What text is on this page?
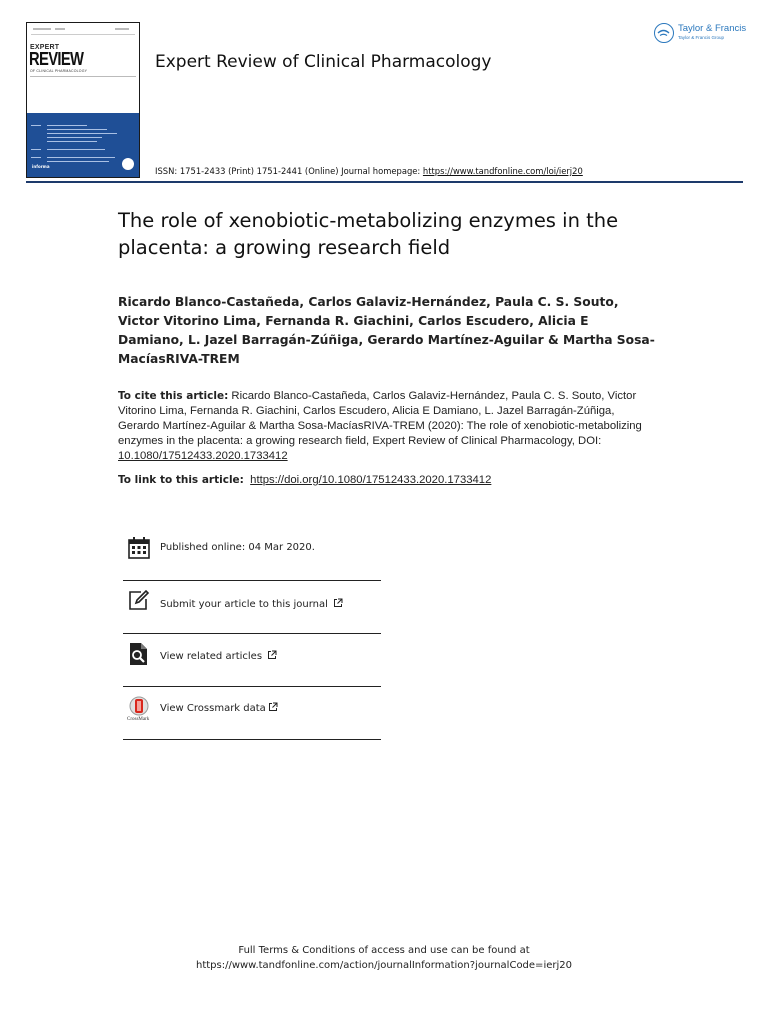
EXPERT
REVIEW
OF CLINICAL PHARMACOLOGY
informa
Expert Review of Clinical Pharmacology
Taylor & Francis
Taylor & Francis Group
ISSN: 1751-2433 (Print) 1751-2441 (Online) Journal homepage: https://www.tandfonline.com/loi/ierj20
The role of xenobiotic-metabolizing enzymes in the placenta: a growing research field
Ricardo Blanco-Castañeda, Carlos Galaviz-Hernández, Paula C. S. Souto, Victor Vitorino Lima, Fernanda R. Giachini, Carlos Escudero, Alicia E Damiano, L. Jazel Barragán-Zúñiga, Gerardo Martínez-Aguilar & Martha Sosa-MacíasRIVA-TREM
To cite this article: Ricardo Blanco-Castañeda, Carlos Galaviz-Hernández, Paula C. S. Souto, Victor Vitorino Lima, Fernanda R. Giachini, Carlos Escudero, Alicia E Damiano, L. Jazel Barragán-Zúñiga, Gerardo Martínez-Aguilar & Martha Sosa-MacíasRIVA-TREM (2020): The role of xenobiotic-metabolizing enzymes in the placenta: a growing research field, Expert Review of Clinical Pharmacology, DOI: 10.1080/17512433.2020.1733412
To link to this article: https://doi.org/10.1080/17512433.2020.1733412
Published online: 04 Mar 2020.
Submit your article to this journal
View related articles
CrossMark
View Crossmark data
Full Terms & Conditions of access and use can be found at
https://www.tandfonline.com/action/journalInformation?journalCode=ierj20
